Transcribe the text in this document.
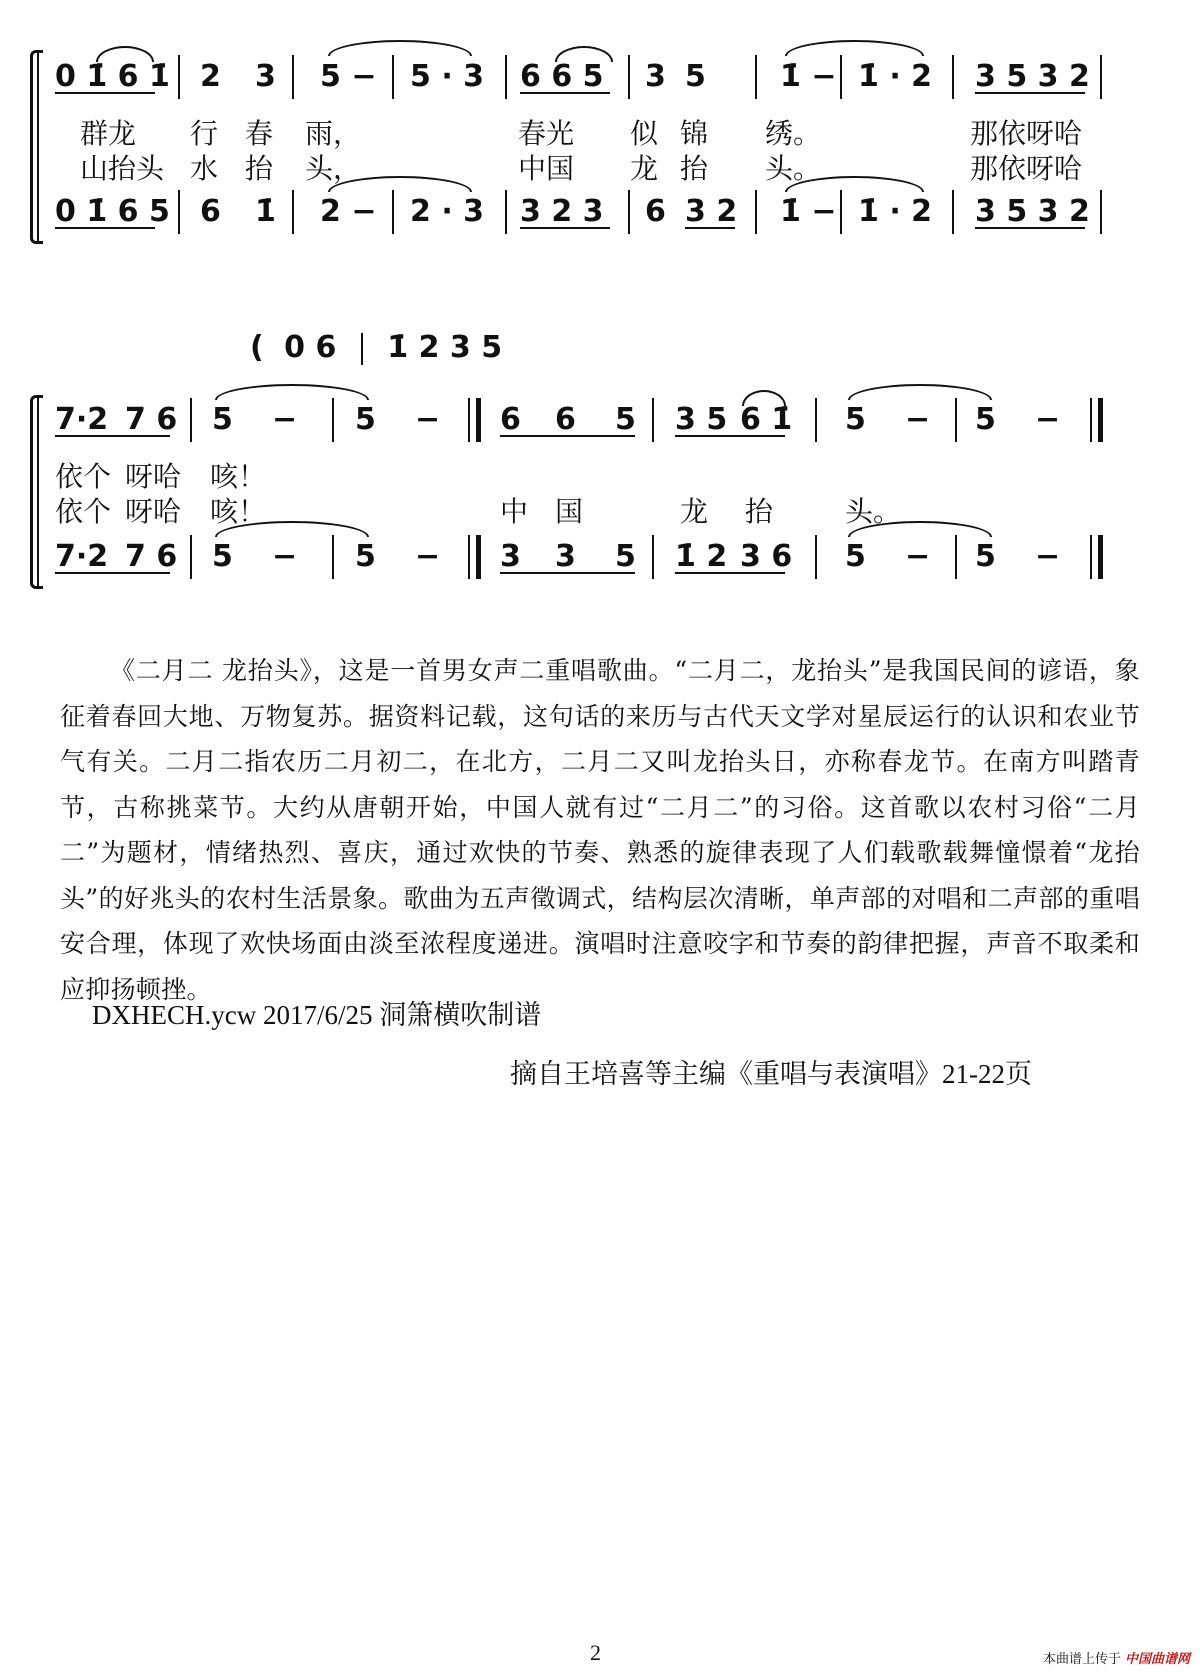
0 1̇ 6 1̇ 2 3 5 − 5 · 3 6 6 5 3 5 1̇ − 1̇ · 2 3 5 3 2
群龙 行 春 雨，	春光 似 锦 绣。	那依呀哈
山抬头 水 抬 头，	中国 龙 抬 头。	那依呀哈
0 1̇ 6 5 6 1̇ 2 − 2 · 3 3 2 3 6 3 2 1̇ − 1̇ · 2 3 5 3 2
( 0 6 1̇ 2 3 5
7·2 7 6 5 − 5 − 6 6 5 3 5 6 1̇ 5 − 5 −
依个 呀哈 咳！
依个 呀哈 咳！	中 国	龙 抬	头。
7·2 7 6 5 − 5 − 3 3 5 1̇ 2 3 6 5 − 5 −

《二月二 龙抬头》，这是一首男女声二重唱歌曲。“二月二，龙抬头”是我国民间的谚语，象征着春回大地、万物复苏。据资料记载，这句话的来历与古代天文学对星辰运行的认识和农业节气有关。二月二指农历二月初二，在北方，二月二又叫龙抬头日，亦称春龙节。在南方叫踏青节，古称挑菜节。大约从唐朝开始，中国人就有过“二月二”的习俗。这首歌以农村习俗“二月二”为题材，情绪热烈、喜庆，通过欢快的节奏、熟悉的旋律表现了人们载歌载舞憧憬着“龙抬头”的好兆头的农村生活景象。歌曲为五声徵调式，结构层次清晰，单声部的对唱和二声部的重唱安合理，体现了欢快场面由淡至浓程度递进。演唱时注意咬字和节奏的韵律把握，声音不取柔和应抑扬顿挫。

DXHECH.ycw 2017/6/25 洞箫横吹制谱
摘自王培喜等主编《重唱与表演唱》21-22页
2	本曲谱上传于 中国曲谱网
